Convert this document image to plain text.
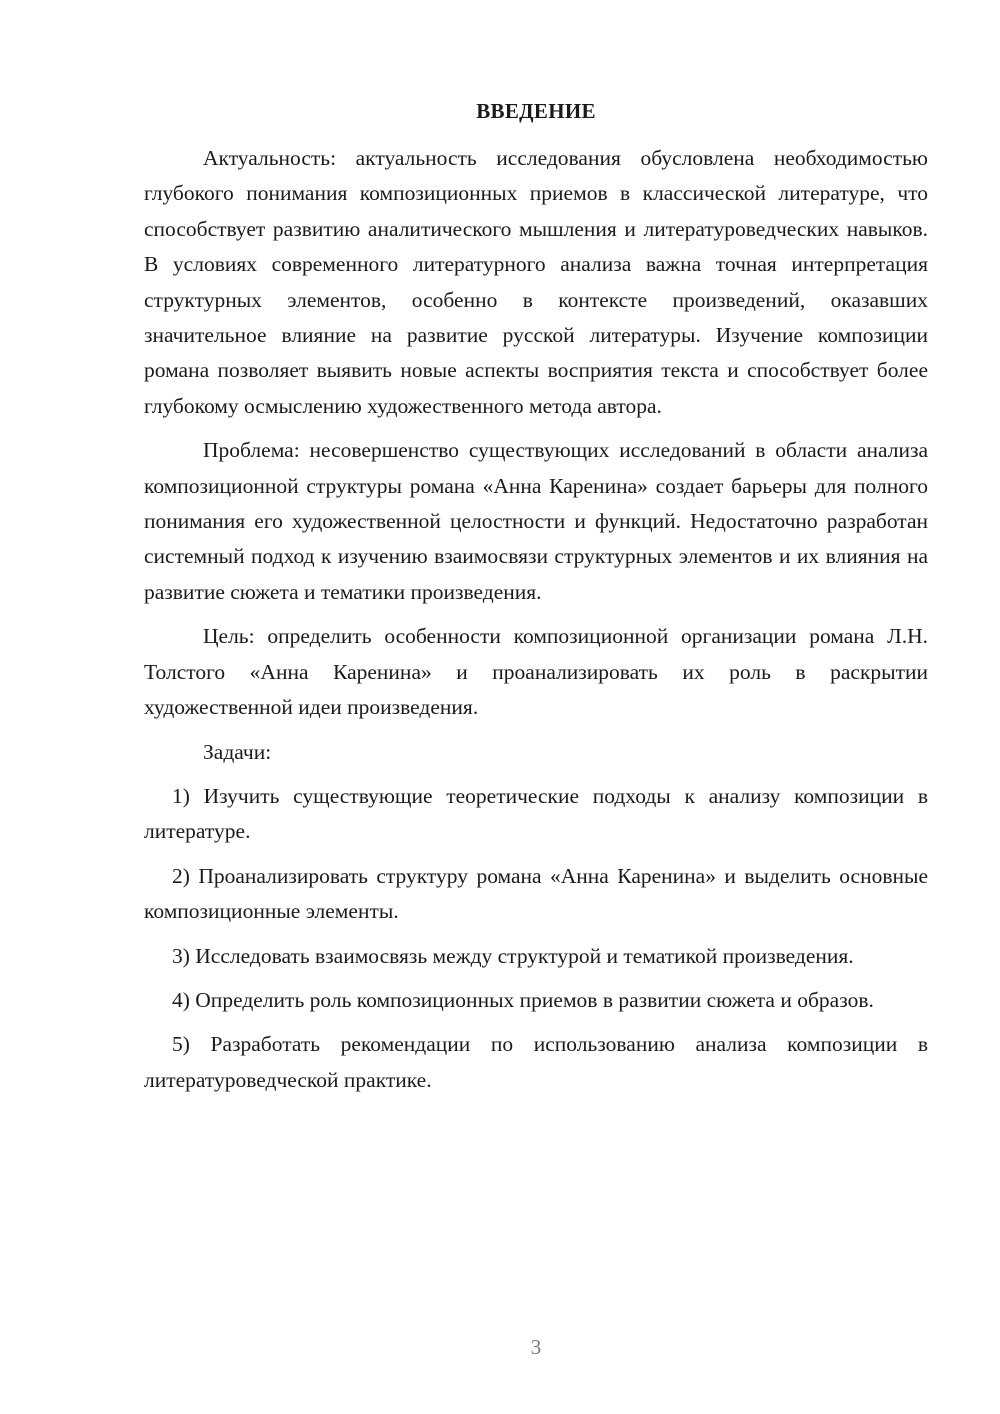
ВВЕДЕНИЕ

Актуальность: актуальность исследования обусловлена необходимостью глубокого понимания композиционных приемов в классической литературе, что способствует развитию аналитического мышления и литературоведческих навыков. В условиях современного литературного анализа важна точная интерпретация структурных элементов, особенно в контексте произведений, оказавших значительное влияние на развитие русской литературы. Изучение композиции романа позволяет выявить новые аспекты восприятия текста и способствует более глубокому осмыслению художественного метода автора.

Проблема: несовершенство существующих исследований в области анализа композиционной структуры романа «Анна Каренина» создает барьеры для полного понимания его художественной целостности и функций. Недостаточно разработан системный подход к изучению взаимосвязи структурных элементов и их влияния на развитие сюжета и тематики произведения.

Цель: определить особенности композиционной организации романа Л.Н. Толстого «Анна Каренина» и проанализировать их роль в раскрытии художественной идеи произведения.

Задачи:

1) Изучить существующие теоретические подходы к анализу композиции в литературе.

2) Проанализировать структуру романа «Анна Каренина» и выделить основные композиционные элементы.

3) Исследовать взаимосвязь между структурой и тематикой произведения.

4) Определить роль композиционных приемов в развитии сюжета и образов.

5) Разработать рекомендации по использованию анализа композиции в литературоведческой практике.

3
